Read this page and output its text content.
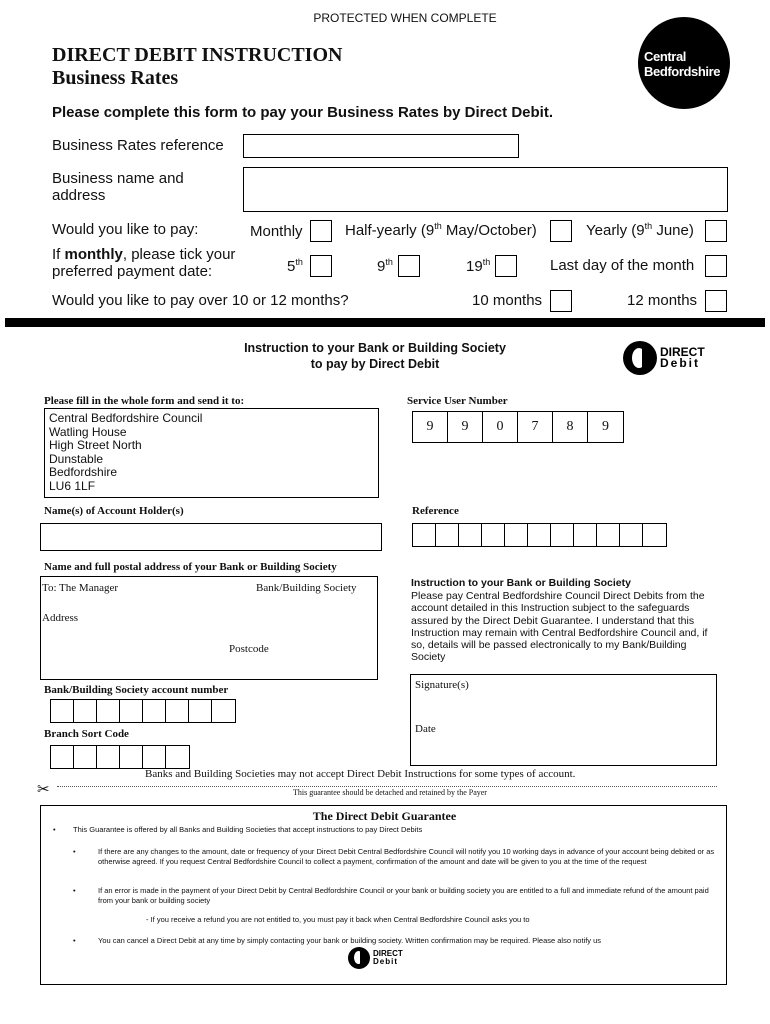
PROTECTED WHEN COMPLETE
DIRECT DEBIT INSTRUCTION
Business Rates
Central
Bedfordshire
Please complete this form to pay your Business Rates by Direct Debit.
Business Rates reference
Business name and
address
Would you like to pay:	Monthly	Half-yearly (9th May/October)	Yearly (9th June)
If monthly, please tick your
preferred payment date:	5th	9th	19th	Last day of the month
Would you like to pay over 10 or 12 months?	10 months	12 months
Instruction to your Bank or Building Society
to pay by Direct Debit
DIRECT
Debit
Please fill in the whole form and send it to:
Central Bedfordshire Council
Watling House
High Street North
Dunstable
Bedfordshire
LU6 1LF
Service User Number
9	9	0	7	8	9
Name(s) of Account Holder(s)	Reference
Name and full postal address of your Bank or Building Society
To: The Manager	Bank/Building Society
Address
Postcode
Instruction to your Bank or Building Society
Please pay Central Bedfordshire Council Direct Debits from the account detailed in this Instruction subject to the safeguards assured by the Direct Debit Guarantee. I understand that this Instruction may remain with Central Bedfordshire Council and, if so, details will be passed electronically to my Bank/Building Society
Bank/Building Society account number
Branch Sort Code
Signature(s)
Date
Banks and Building Societies may not accept Direct Debit Instructions for some types of account.
✂	This guarantee should be detached and retained by the Payer
The Direct Debit Guarantee
• This Guarantee is offered by all Banks and Building Societies that accept instructions to pay Direct Debits
•	If there are any changes to the amount, date or frequency of your Direct Debit Central Bedfordshire Council will notify you 10 working days in advance of your account being debited or as otherwise agreed. If you request Central Bedfordshire Council to collect a payment, confirmation of the amount and date will be given to you at the time of the request
•	If an error is made in the payment of your Direct Debit by Central Bedfordshire Council or your bank or building society you are entitled to a full and immediate refund of the amount paid from your bank or building society
- If you receive a refund you are not entitled to, you must pay it back when Central Bedfordshire Council asks you to
•	You can cancel a Direct Debit at any time by simply contacting your bank or building society. Written confirmation may be required. Please also notify us
DIRECT
Debit
